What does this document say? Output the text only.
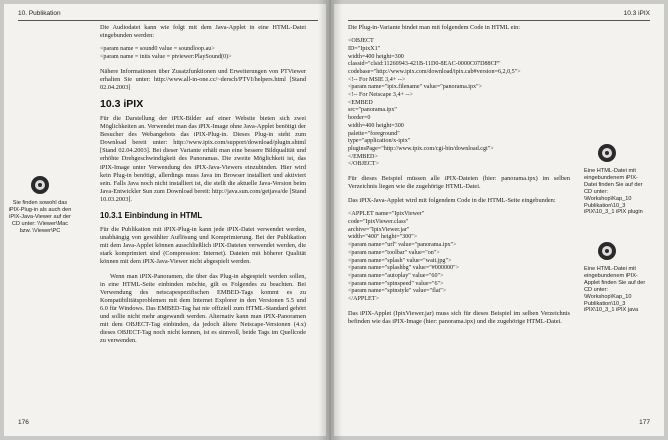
10. Publikation
Sie finden sowohl das iPIX-Plug-in als auch den iPIX-Java-Viewer auf der CD unter: \Viewer\Mac bzw. \Viewer\PC

Die Audiodatei kann wie folgt mit dem Java-Applet in eine HTML-Datei eingebunden werden:

<param name = sound0 value = soundloop.au>
<param name = inits value = ptviewer:PlaySound(0)>

Nähere Informationen über Zusatzfunktionen und Erweiterungen von PTViewer erhalten Sie unter: http://www.all-in-one.cc/~dersch/PTVI/helpers.html [Stand 02.04.2003]

10.3 iPIX

Für die Darstellung der iPIX-Bilder auf einer Website bieten sich zwei Möglichkeiten an. Verwendet man das iPIX-Image ohne Java-Applet benötigt der Besucher des Webangebots das iPIX-Plug-in. Dieses Plug-in steht zum Download bereit unter: http://www.ipix.com/support/download/plugin.shtml [Stand 02.04.2003]. Bei dieser Variante erhält man eine bessere Bildqualität und erhöhte Drehgeschwindigkeit des Panoramas. Die zweite Möglichkeit ist, das iPIX-Image unter Verwendung des iPIX-Java-Viewers einzubinden. Hier wird kein Plug-in benötigt, allerdings muss Java im Browser installiert und aktiviert sein. Falls Java noch nicht installiert ist, die stellt die aktuelle Java-Version beim Java-Entwickler Sun zum Download bereit: http://java.sun.com/getjava/de [Stand 10.03.2003].

10.3.1 Einbindung in HTML

Für die Publikation mit iPIX-Plug-in kann jede iPIX-Datei verwendet werden, unabhängig von gewählter Auflösung und Komprimierung. Bei der Publikation mit dem Java-Applet können ausschließlich iPIX-Dateien verwendet werden, die stark komprimiert sind (Compression: Internet). Dateien mit höherer Qualität können mit dem iPIX-Java-Viewer nicht abgespielt werden.

Wenn man iPIX-Panoramen, die über das Plug-in abgespielt werden sollen, in eine HTML-Seite einbinden möchte, gilt es Folgendes zu beachten. Bei Verwendung des netscapespezifischen EMBED-Tags kommt es zu Kompatibilitätsproblemen mit dem Internet Explorer in den Versionen 5.5 und 6.0 für Windows. Das EMBED-Tag hat nie offiziell zum HTML-Standard gehört und sollte nicht mehr angewandt werden. Alternativ kann man iPIX-Panoramen mit dem OBJECT-Tag einbinden, da jedoch ältere Netscape-Versionen (4.x) dieses OBJECT-Tag noch nicht kennen, ist es sinnvoll, beide Tags im Quellcode zu verwenden.

176
10.3 iPIX

Die Plug-in-Variante bindet man mit folgendem Code in HTML ein:

<OBJECT
ID="IpixX1"
width=400 height=300
classid="clsid:11260943-421B-11D0-8EAC-0000C07D88CF"
codebase="http://www.ipix.com/download/ipix.cab#version=6,2,0,5">
<!-- For MSIE 3,4+ -->
<param name="ipix.filename" value="panorama.ipx">
<!-- For Netscape 3,4+ -->
<EMBED
src="panorama.ipx"
border=0
width=400 height=300
palette="foreground"
type="application/x-ipix"
pluginsPage="http://www.ipix.com/cgi-bin/download.cgi">
</EMBED>
</OBJECT>

Für dieses Beispiel müssen alle iPIX-Dateien (hier: panorama.ipx) im selben Verzeichnis liegen wie die zugehörige HTML-Datei.

Das iPIX-Java-Applet wird mit folgendem Code in die HTML-Seite eingebunden:

<APPLET name="IpixViewer"
code="IpixViewer.class"
archive="IpixViewer.jar"
width="400" height="300">
<param name="url" value="panorama.ipx">
<param name="toolbar" value="on">
<param name="splash" value="wait.jpg">
<param name="splashbg" value="#000000">
<param name="autoplay" value="60">
<param name="spinspeed" value="6">
<param name="spinstyle" value="flat">
</APPLET>

Das iPIX-Applet (IpixViewer.jar) muss sich für dieses Beispiel im selben Verzeichnis befinden wie das iPIX-Image (hier: panorama.ipx) und die zugehörige HTML-Datei.

Eine HTML-Datei mit eingebundenem iPIX-Datei finden Sie auf der CD unter: \Workshop\Kap_10 Publikation\10_3 iPIX\10_3_1 iPIX plugin
Eine HTML-Datei mit eingebundenem iPIX-Applet finden Sie auf der CD unter: \Workshop\Kap_10 Publikation\10_3 iPIX\10_3_1 iPIX java
177
